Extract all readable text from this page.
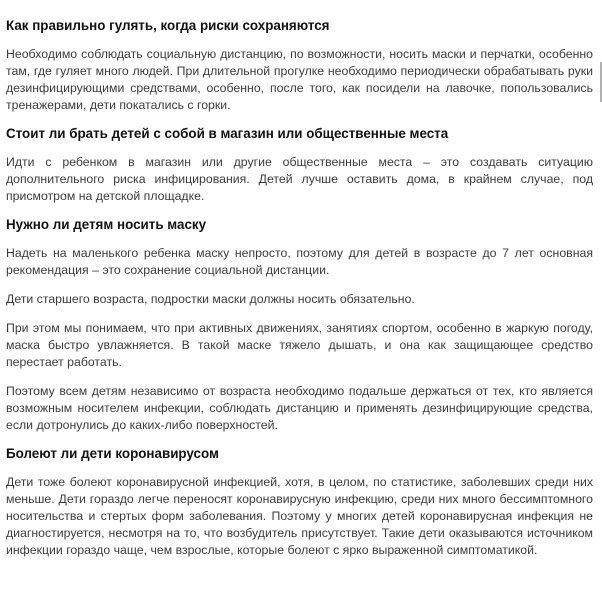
Как правильно гулять, когда риски сохраняются

Необходимо соблюдать социальную дистанцию, по возможности, носить маски и перчатки, особенно там, где гуляет много людей. При длительной прогулке необходимо периодически обрабатывать руки дезинфицирующими средствами, особенно, после того, как посидели на лавочке, попользовались тренажерами, дети покатались с горки.

Стоит ли брать детей с собой в магазин или общественные места

Идти с ребенком в магазин или другие общественные места – это создавать ситуацию дополнительного риска инфицирования. Детей лучше оставить дома, в крайнем случае, под присмотром на детской площадке.

Нужно ли детям носить маску

Надеть на маленького ребенка маску непросто, поэтому для детей в возрасте до 7 лет основная рекомендация – это сохранение социальной дистанции.

Дети старшего возраста, подростки маски должны носить обязательно.

При этом мы понимаем, что при активных движениях, занятиях спортом, особенно в жаркую погоду, маска быстро увлажняется. В такой маске тяжело дышать, и она как защищающее средство перестает работать.

Поэтому всем детям независимо от возраста необходимо подальше держаться от тех, кто является возможным носителем инфекции, соблюдать дистанцию и применять дезинфицирующие средства, если дотронулись до каких-либо поверхностей.

Болеют ли дети коронавирусом

Дети тоже болеют коронавирусной инфекцией, хотя, в целом, по статистике, заболевших среди них меньше. Дети гораздо легче переносят коронавирусную инфекцию, среди них много бессимптомного носительства и стертых форм заболевания. Поэтому у многих детей коронавирусная инфекция не диагностируется, несмотря на то, что возбудитель присутствует. Такие дети оказываются источником инфекции гораздо чаще, чем взрослые, которые болеют с ярко выраженной симптоматикой.
